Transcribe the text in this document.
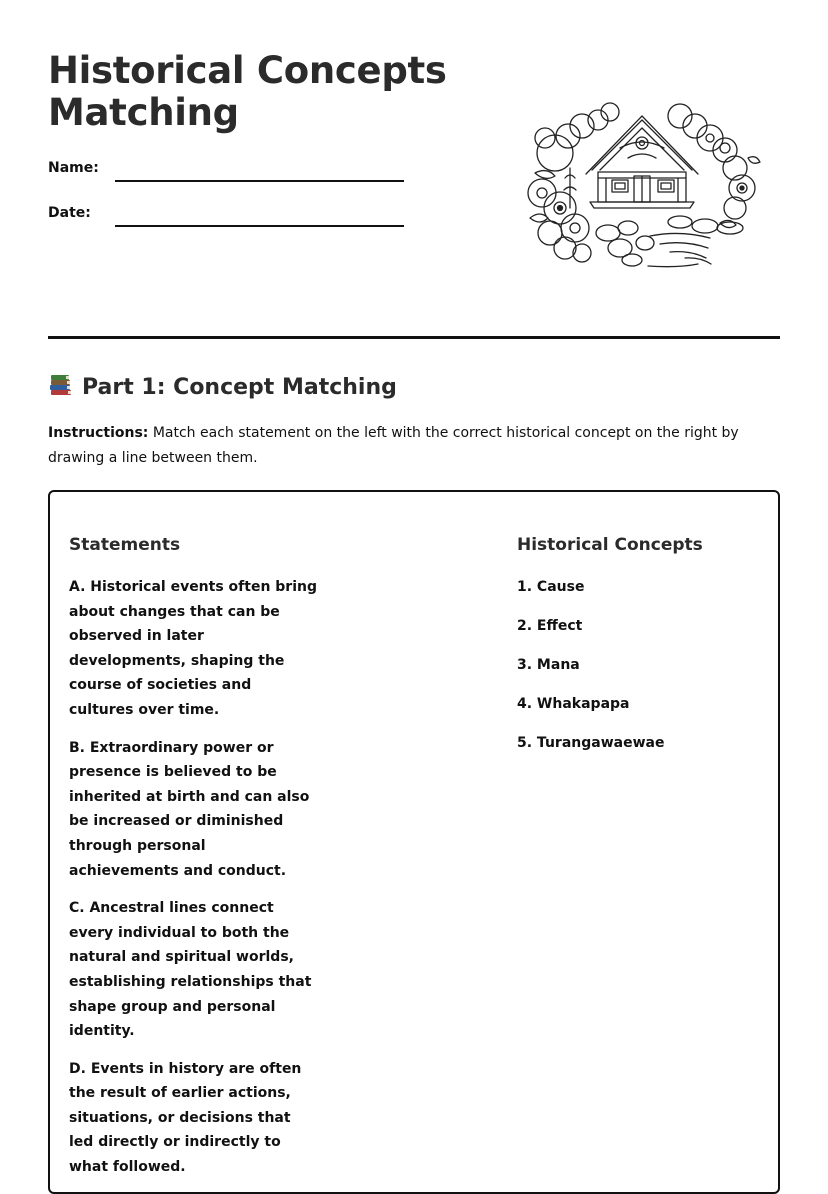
Historical Concepts Matching
Name:
Date:
Part 1: Concept Matching

Instructions: Match each statement on the left with the correct historical concept on the right by drawing a line between them.

Statements

A. Historical events often bring about changes that can be observed in later developments, shaping the course of societies and cultures over time.

B. Extraordinary power or presence is believed to be inherited at birth and can also be increased or diminished through personal achievements and conduct.

C. Ancestral lines connect every individual to both the natural and spiritual worlds, establishing relationships that shape group and personal identity.

D. Events in history are often the result of earlier actions, situations, or decisions that led directly or indirectly to what followed.

Historical Concepts

1. Cause

2. Effect

3. Mana

4. Whakapapa

5. Turangawaewae
